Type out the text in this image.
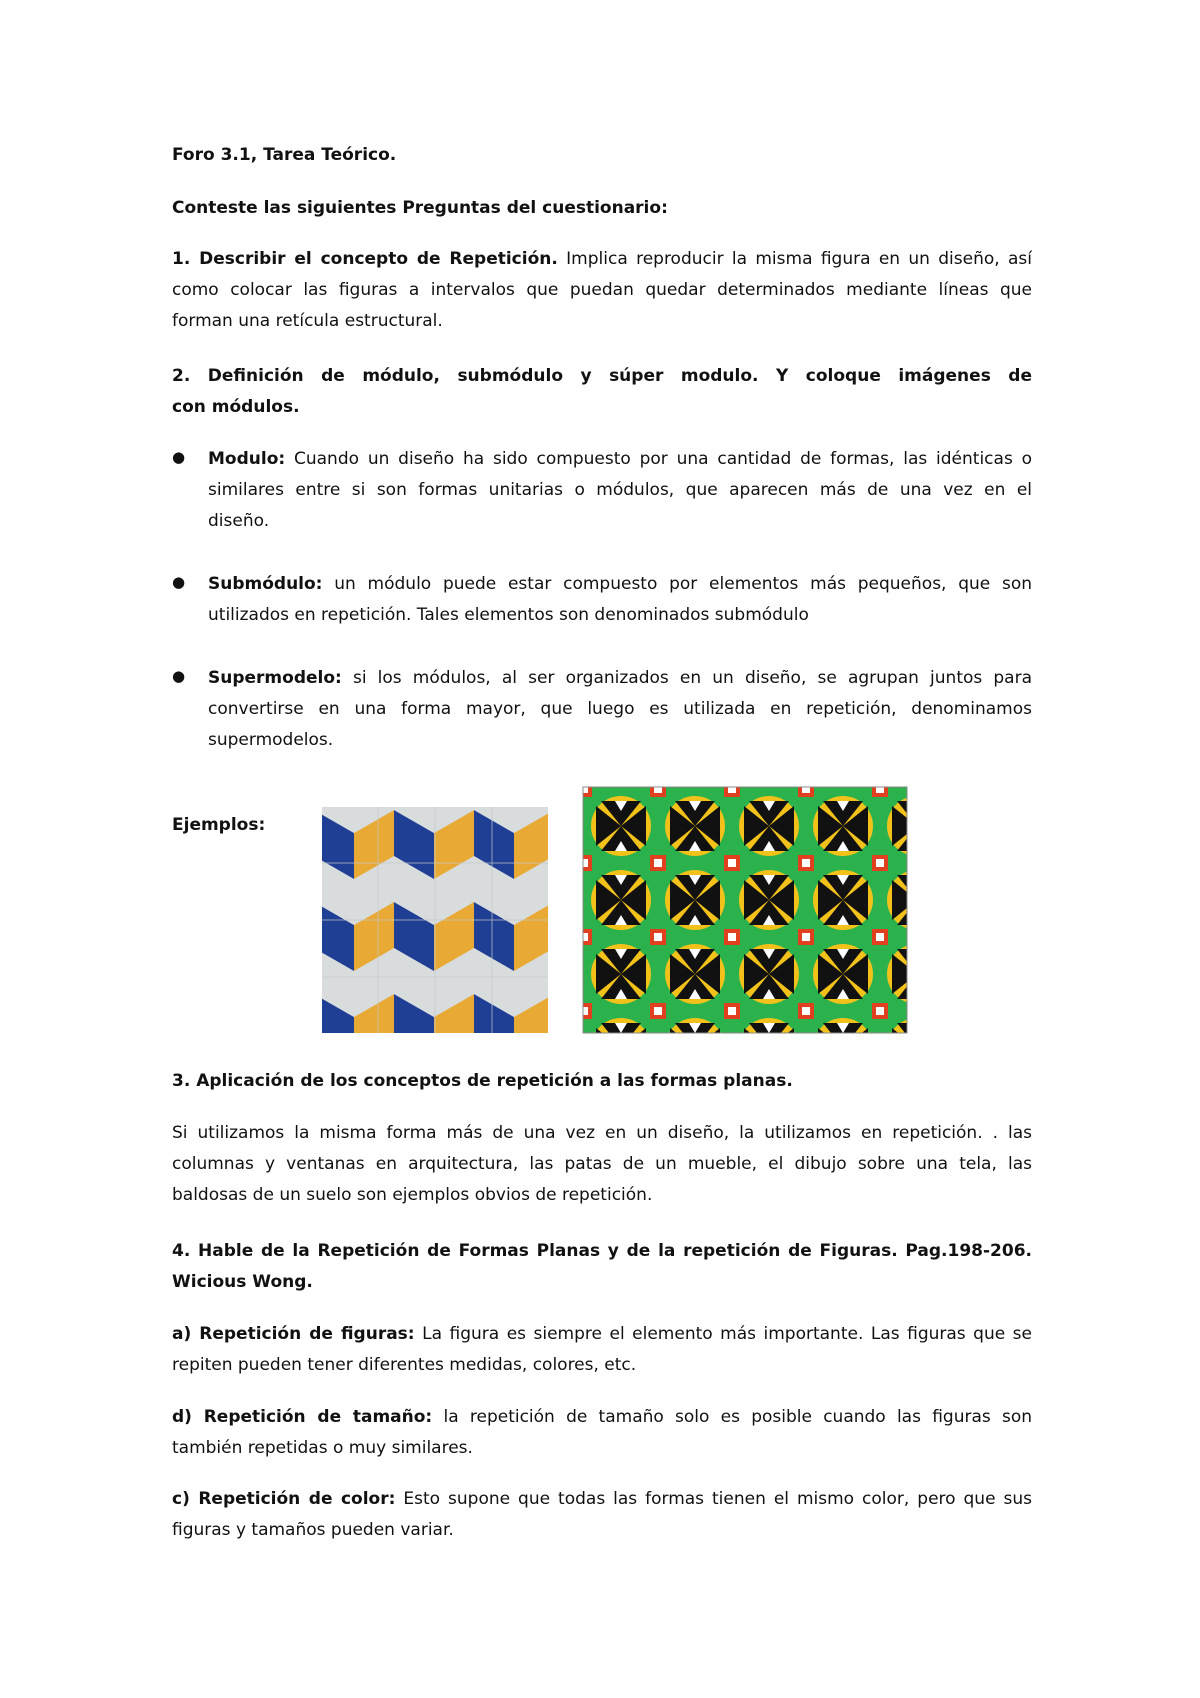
Foro 3.1, Tarea Teórico.
Conteste las siguientes Preguntas del cuestionario:
1. Describir el concepto de Repetición. Implica reproducir la misma figura en un diseño, así
como colocar las figuras a intervalos que puedan quedar determinados mediante líneas que
forman una retícula estructural.
2. Definición de módulo, submódulo y súper modulo. Y coloque imágenes de
con módulos.
● Modulo: Cuando un diseño ha sido compuesto por una cantidad de formas, las idénticas o
similares entre si son formas unitarias o módulos, que aparecen más de una vez en el
diseño.
● Submódulo: un módulo puede estar compuesto por elementos más pequeños, que son
utilizados en repetición. Tales elementos son denominados submódulo
● Supermodelo: si los módulos, al ser organizados en un diseño, se agrupan juntos para
convertirse en una forma mayor, que luego es utilizada en repetición, denominamos
supermodelos.
Ejemplos:
3. Aplicación de los conceptos de repetición a las formas planas.
Si utilizamos la misma forma más de una vez en un diseño, la utilizamos en repetición. . las
columnas y ventanas en arquitectura, las patas de un mueble, el dibujo sobre una tela, las
baldosas de un suelo son ejemplos obvios de repetición.
4. Hable de la Repetición de Formas Planas y de la repetición de Figuras. Pag.198-206.
Wicious Wong.
a) Repetición de figuras: La figura es siempre el elemento más importante. Las figuras que se
repiten pueden tener diferentes medidas, colores, etc.
d) Repetición de tamaño: la repetición de tamaño solo es posible cuando las figuras son
también repetidas o muy similares.
c) Repetición de color: Esto supone que todas las formas tienen el mismo color, pero que sus
figuras y tamaños pueden variar.
